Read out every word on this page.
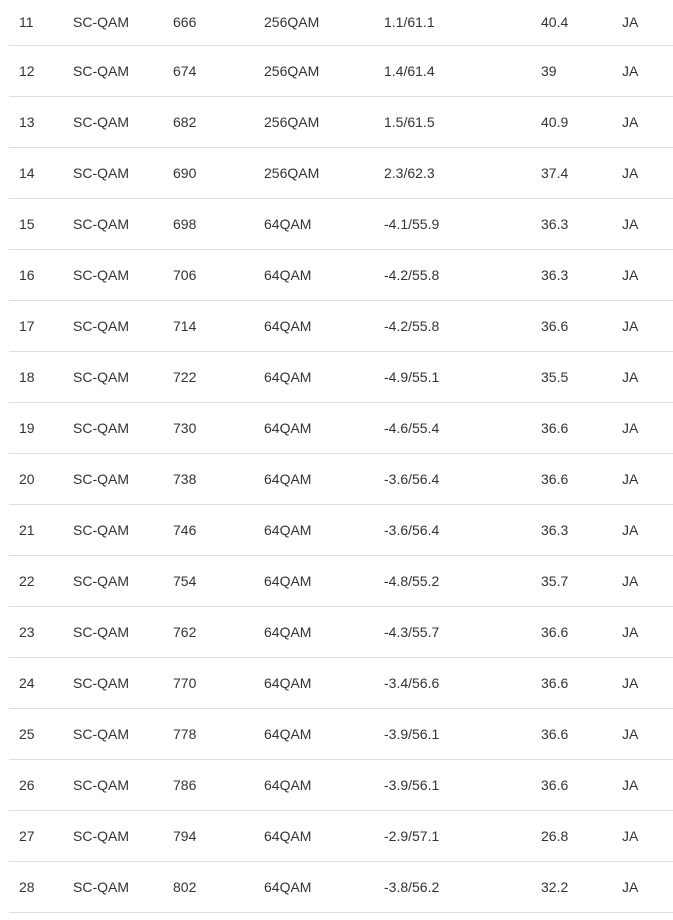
11	SC-QAM	666	256QAM	1.1/61.1	40.4	JA
12	SC-QAM	674	256QAM	1.4/61.4	39	JA
13	SC-QAM	682	256QAM	1.5/61.5	40.9	JA
14	SC-QAM	690	256QAM	2.3/62.3	37.4	JA
15	SC-QAM	698	64QAM	-4.1/55.9	36.3	JA
16	SC-QAM	706	64QAM	-4.2/55.8	36.3	JA
17	SC-QAM	714	64QAM	-4.2/55.8	36.6	JA
18	SC-QAM	722	64QAM	-4.9/55.1	35.5	JA
19	SC-QAM	730	64QAM	-4.6/55.4	36.6	JA
20	SC-QAM	738	64QAM	-3.6/56.4	36.6	JA
21	SC-QAM	746	64QAM	-3.6/56.4	36.3	JA
22	SC-QAM	754	64QAM	-4.8/55.2	35.7	JA
23	SC-QAM	762	64QAM	-4.3/55.7	36.6	JA
24	SC-QAM	770	64QAM	-3.4/56.6	36.6	JA
25	SC-QAM	778	64QAM	-3.9/56.1	36.6	JA
26	SC-QAM	786	64QAM	-3.9/56.1	36.6	JA
27	SC-QAM	794	64QAM	-2.9/57.1	26.8	JA
28	SC-QAM	802	64QAM	-3.8/56.2	32.2	JA
